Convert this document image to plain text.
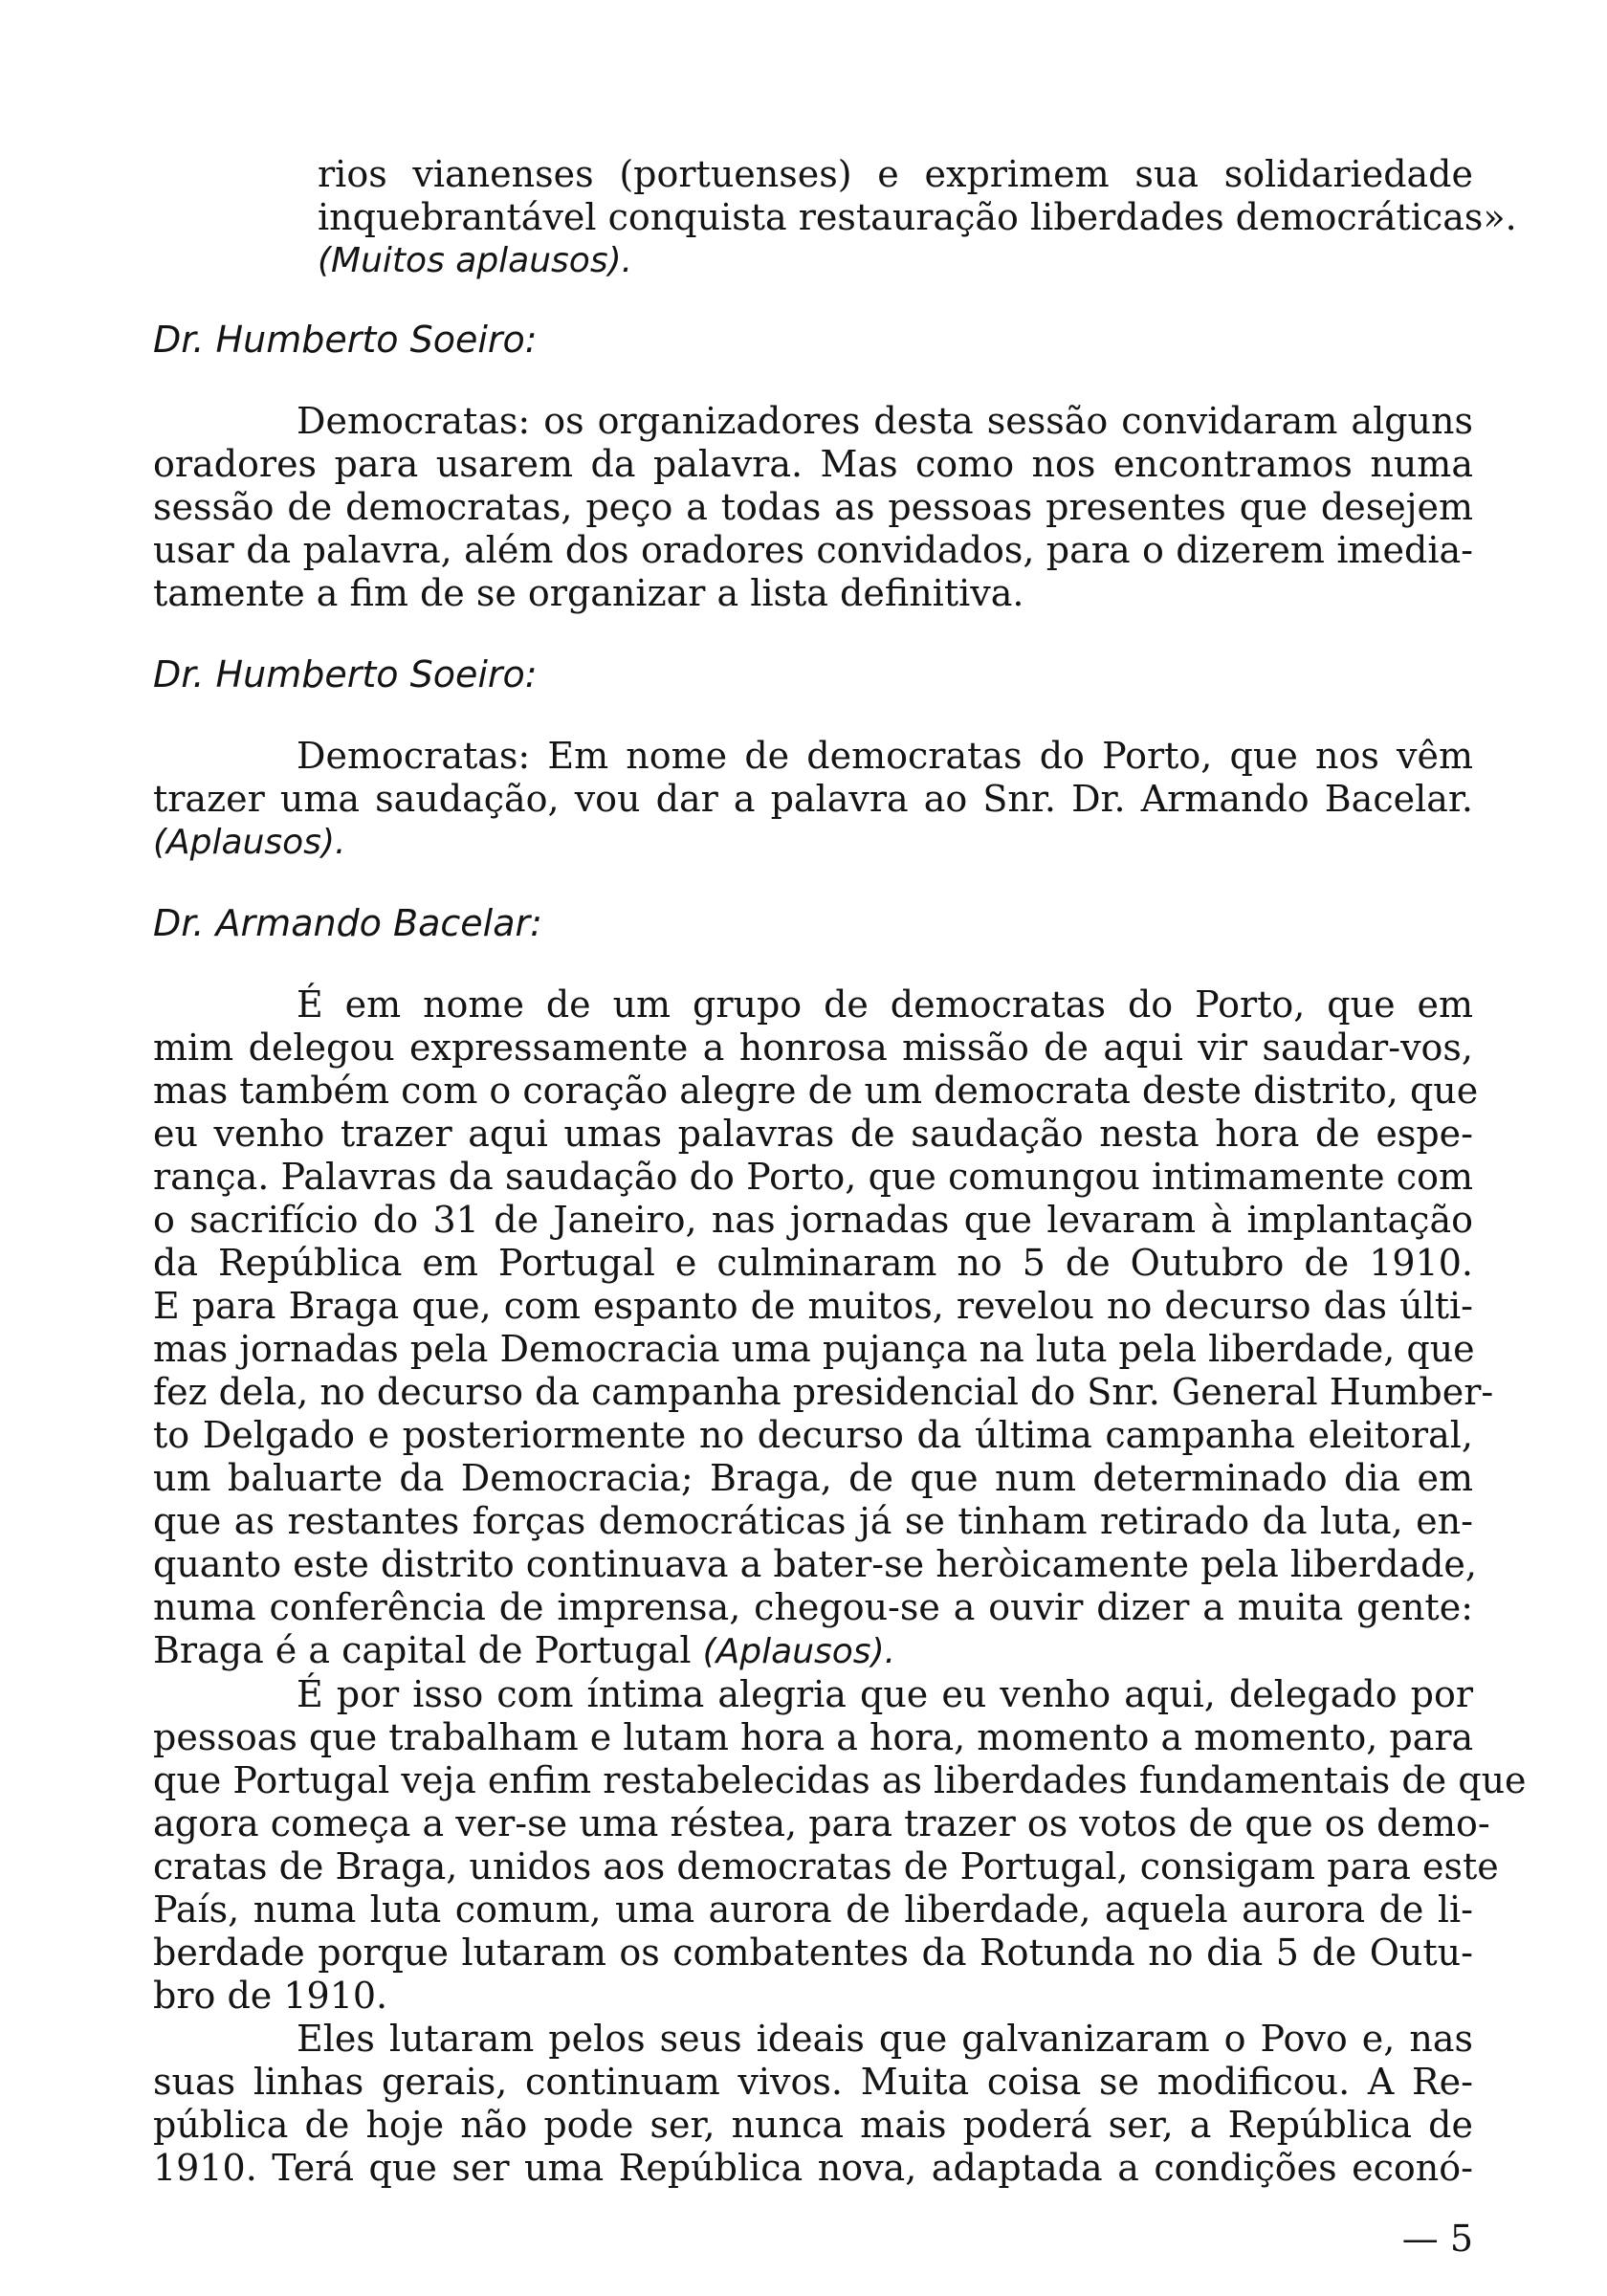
rios vianenses (portuenses) e exprimem sua solidariedade

inquebrantável conquista restauração liberdades democráticas».

(Muitos aplausos).

Dr. Humberto Soeiro:

Democratas: os organizadores desta sessão convidaram alguns

oradores para usarem da palavra. Mas como nos encontramos numa

sessão de democratas, peço a todas as pessoas presentes que desejem

usar da palavra, além dos oradores convidados, para o dizerem imedia-

tamente a fim de se organizar a lista definitiva.

Dr. Humberto Soeiro:

Democratas: Em nome de democratas do Porto, que nos vêm

trazer uma saudação, vou dar a palavra ao Snr. Dr. Armando Bacelar.

(Aplausos).

Dr. Armando Bacelar:

É em nome de um grupo de democratas do Porto, que em

mim delegou expressamente a honrosa missão de aqui vir saudar-vos,

mas também com o coração alegre de um democrata deste distrito, que

eu venho trazer aqui umas palavras de saudação nesta hora de espe-

rança. Palavras da saudação do Porto, que comungou intimamente com

o sacrifício do 31 de Janeiro, nas jornadas que levaram à implantação

da República em Portugal e culminaram no 5 de Outubro de 1910.

E para Braga que, com espanto de muitos, revelou no decurso das últi-

mas jornadas pela Democracia uma pujança na luta pela liberdade, que

fez dela, no decurso da campanha presidencial do Snr. General Humber-

to Delgado e posteriormente no decurso da última campanha eleitoral,

um baluarte da Democracia; Braga, de que num determinado dia em

que as restantes forças democráticas já se tinham retirado da luta, en-

quanto este distrito continuava a bater-se heròicamente pela liberdade,

numa conferência de imprensa, chegou-se a ouvir dizer a muita gente:

Braga é a capital de Portugal (Aplausos).

É por isso com íntima alegria que eu venho aqui, delegado por

pessoas que trabalham e lutam hora a hora, momento a momento, para

que Portugal veja enfim restabelecidas as liberdades fundamentais de que

agora começa a ver-se uma réstea, para trazer os votos de que os demo-

cratas de Braga, unidos aos democratas de Portugal, consigam para este

País, numa luta comum, uma aurora de liberdade, aquela aurora de li-

berdade porque lutaram os combatentes da Rotunda no dia 5 de Outu-

bro de 1910.

Eles lutaram pelos seus ideais que galvanizaram o Povo e, nas

suas linhas gerais, continuam vivos. Muita coisa se modificou. A Re-

pública de hoje não pode ser, nunca mais poderá ser, a República de

1910. Terá que ser uma República nova, adaptada a condições econó-

— 5
